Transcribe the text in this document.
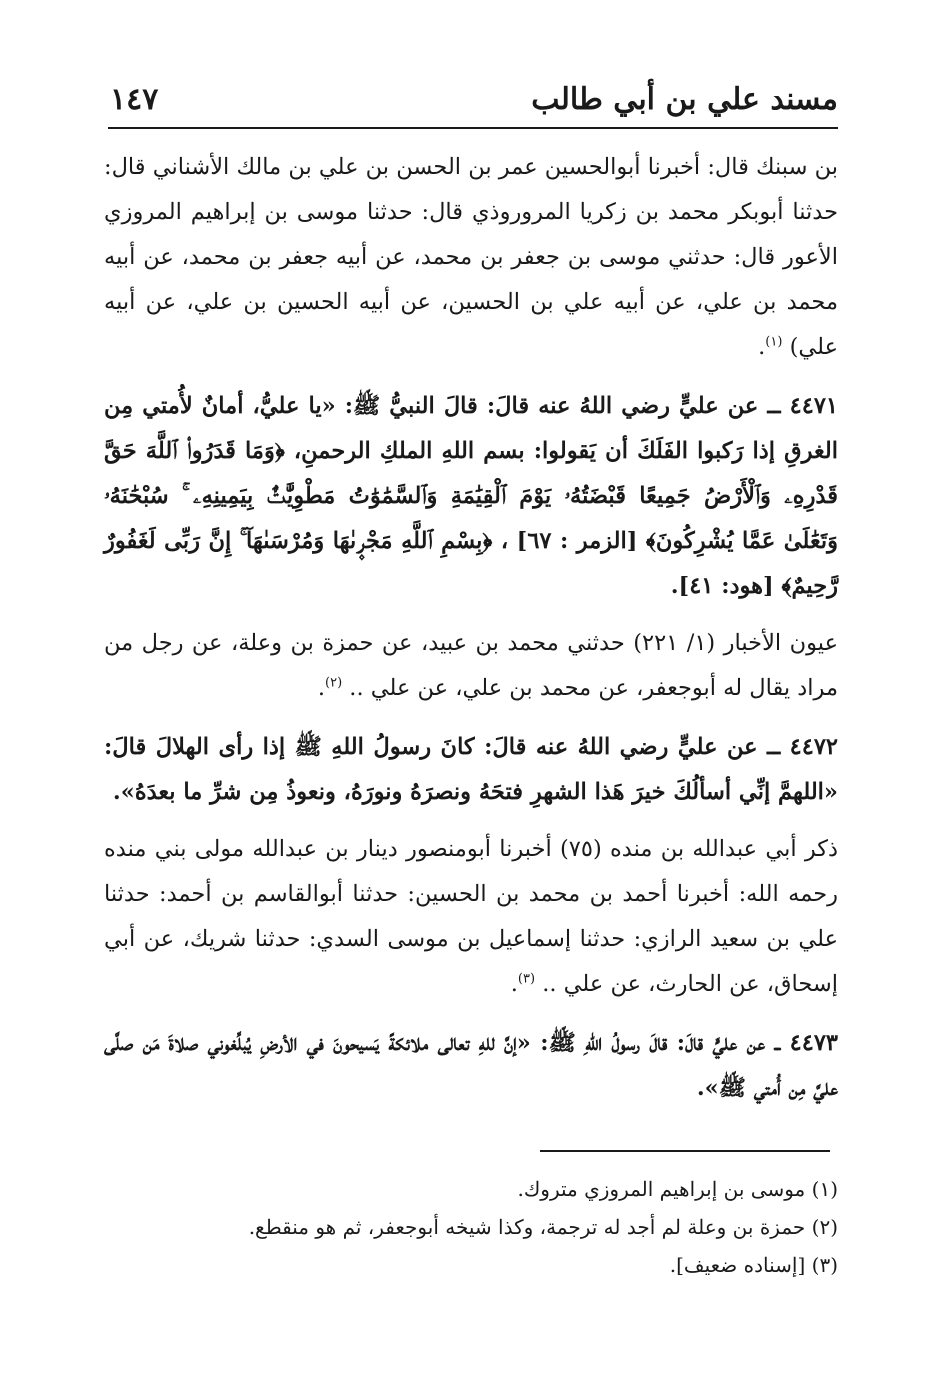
مسند علي بن أبي طالب
١٤٧

بن سبنك قال: أخبرنا أبوالحسين عمر بن الحسن بن علي بن مالك الأشناني قال: حدثنا أبوبكر محمد بن زكريا المروروذي قال: حدثنا موسى بن إبراهيم المروزي الأعور قال: حدثني موسى بن جعفر بن محمد، عن أبيه جعفر بن محمد، عن أبيه محمد بن علي، عن أبيه علي بن الحسين، عن أبيه الحسين بن علي، عن أبيه علي) $^{(١)}$.

٤٤٧١ ــ عن عليٍّ رضي اللهُ عنه قالَ: قالَ النبيُّ ﷺ: «يا عليُّ، أمانٌ لأُمتي مِن الغرقِ إذا رَكبوا الفَلَكَ أن يَقولوا: بسم اللهِ الملكِ الرحمنِ، ﴿وَمَا قَدَرُوا۟ ٱللَّهَ حَقَّ قَدْرِهِۦ وَٱلْأَرْضُ جَمِيعًا قَبْضَتُهُۥ يَوْمَ ٱلْقِيَٰمَةِ وَٱلسَّمَٰوَٰتُ مَطْوِيَّٰتٌۢ بِيَمِينِهِۦ ۚ سُبْحَٰنَهُۥ وَتَعَٰلَىٰ عَمَّا يُشْرِكُونَ﴾ [الزمر : ٦٧] ، ﴿بِسْمِ ٱللَّهِ مَجْر۪ىٰهَا وَمُرْسَىٰهَآ ۚ إِنَّ رَبِّى لَغَفُورٌ رَّحِيمٌ﴾ [هود: ٤١].

عيون الأخبار (١/ ٢٢١) حدثني محمد بن عبيد، عن حمزة بن وعلة، عن رجل من مراد يقال له أبوجعفر، عن محمد بن علي، عن علي .. $^{(٢)}$.

٤٤٧٢ ــ عن عليٍّ رضي اللهُ عنه قالَ: كانَ رسولُ اللهِ ﷺ إذا رأى الهلالَ قالَ: «اللهمَّ إنِّي أسألُكَ خيرَ هَذا الشهرِ فتحَهُ ونصرَهُ ونورَهُ، ونعوذُ مِن شرِّ ما بعدَهُ».

ذكر أبي عبدالله بن منده (٧٥) أخبرنا أبومنصور دينار بن عبدالله مولى بني منده رحمه الله: أخبرنا أحمد بن محمد بن الحسين: حدثنا أبوالقاسم بن أحمد: حدثنا علي بن سعيد الرازي: حدثنا إسماعيل بن موسى السدي: حدثنا شريك، عن أبي إسحاق، عن الحارث، عن علي .. $^{(٣)}$.

٤٤٧٣ ــ عن عليٍّ قالَ: قالَ رسولُ اللهِ ﷺ: «إنَّ للهِ تعالى ملائكةً يَسيحونَ في الأرضِ يُبلِّغوني صلاةَ مَن صلَّى عليَّ مِن أُمتي ﷺ».

(١) موسى بن إبراهيم المروزي متروك.

(٢) حمزة بن وعلة لم أجد له ترجمة، وكذا شيخه أبوجعفر، ثم هو منقطع.

(٣) [إسناده ضعيف].
